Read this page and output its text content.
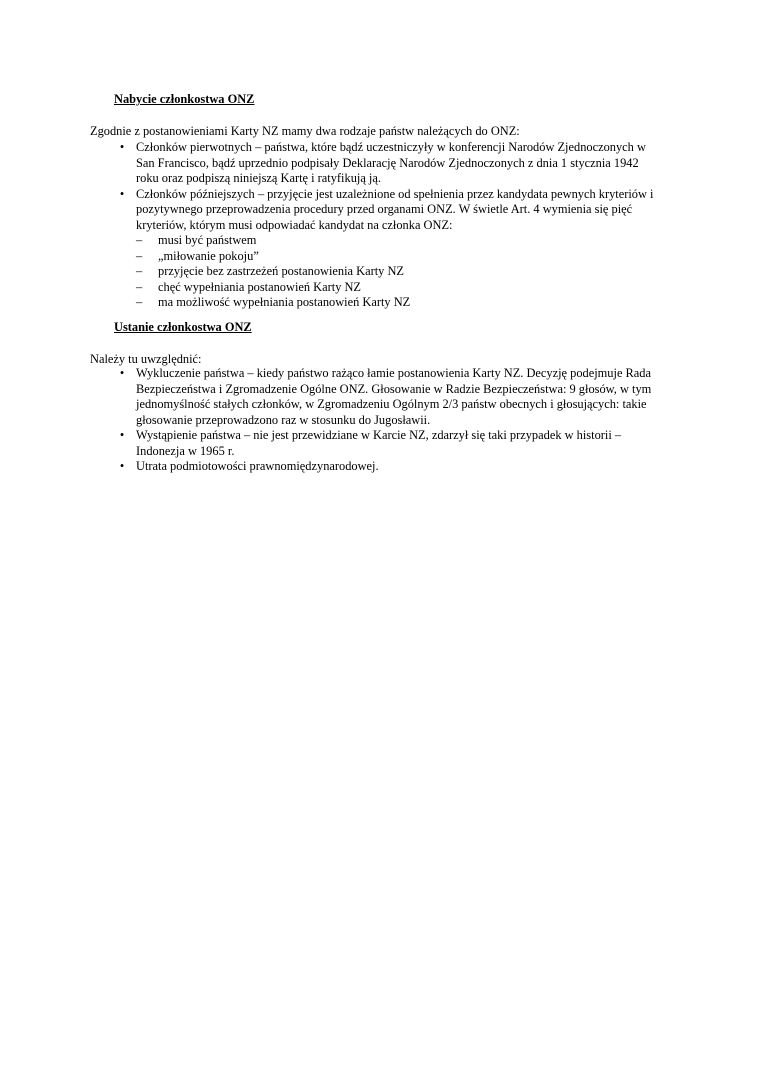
Nabycie członkostwa ONZ
Zgodnie z postanowieniami Karty NZ mamy dwa rodzaje państw należących do ONZ:
• Członków pierwotnych – państwa, które bądź uczestniczyły w konferencji Narodów Zjednoczonych w San Francisco, bądź uprzednio podpisały Deklarację Narodów Zjednoczonych z dnia 1 stycznia 1942 roku oraz podpiszą niniejszą Kartę i ratyfikują ją.
• Członków późniejszych – przyjęcie jest uzależnione od spełnienia przez kandydata pewnych kryteriów i pozytywnego przeprowadzenia procedury przed organami ONZ. W świetle Art. 4 wymienia się pięć kryteriów, którym musi odpowiadać kandydat na członka ONZ:
– musi być państwem
– „miłowanie pokoju”
– przyjęcie bez zastrzeżeń postanowienia Karty NZ
– chęć wypełniania postanowień Karty NZ
– ma możliwość wypełniania postanowień Karty NZ
Ustanie członkostwa ONZ
Należy tu uwzględnić:
• Wykluczenie państwa – kiedy państwo rażąco łamie postanowienia Karty NZ. Decyzję podejmuje Rada Bezpieczeństwa i Zgromadzenie Ogólne ONZ. Głosowanie w Radzie Bezpieczeństwa: 9 głosów, w tym jednomyślność stałych członków, w Zgromadzeniu Ogólnym 2/3 państw obecnych i głosujących: takie głosowanie przeprowadzono raz w stosunku do Jugosławii.
• Wystąpienie państwa – nie jest przewidziane w Karcie NZ, zdarzył się taki przypadek w historii – Indonezja w 1965 r.
• Utrata podmiotowości prawnomiędzynarodowej.
